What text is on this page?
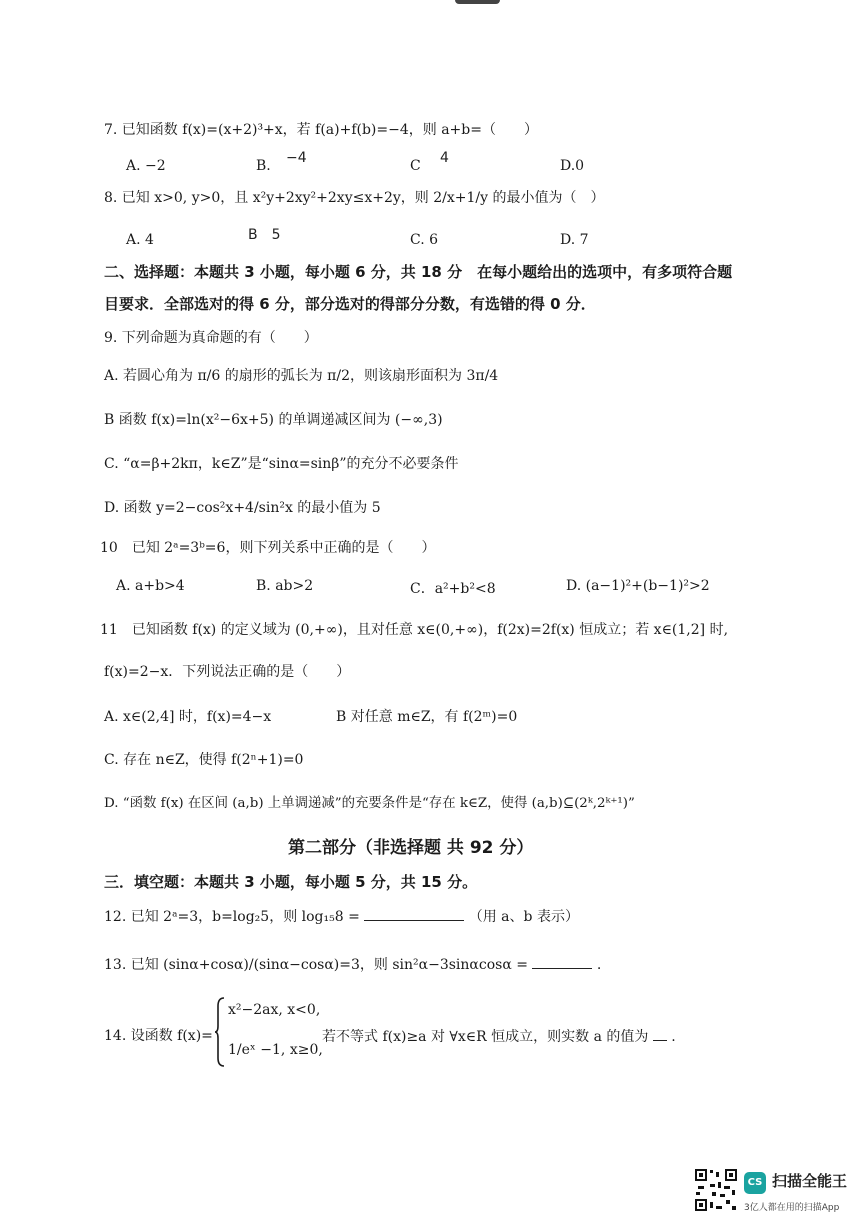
7. 已知函数 f(x)=(x+2)³+x，若 f(a)+f(b)=−4，则 a+b=（　　）
A. −2	B. −4	C 4	D.0
8. 已知 x>0, y>0，且 x²y+2xy²+2xy≤x+2y，则 2/x+1/y 的最小值为（　）
A. 4	B　5	C. 6	D. 7
二、选择题：本题共 3 小题，每小题 6 分，共 18 分　在每小题给出的选项中，有多项符合题
目要求．全部选对的得 6 分，部分选对的得部分分数，有选错的得 0 分．
9. 下列命题为真命题的有（　　）
A. 若圆心角为 π/6 的扇形的弧长为 π/2，则该扇形面积为 3π/4
B 函数 f(x)=ln(x²−6x+5) 的单调递减区间为 (−∞,3)
C. “α=β+2kπ，k∈Z”是“sinα=sinβ”的充分不必要条件
D. 函数 y=2−cos²x+4/sin²x 的最小值为 5
10　已知 2ᵃ=3ᵇ=6，则下列关系中正确的是（　　）
A. a+b>4	B. ab>2	C．a²+b²<8	D. (a−1)²+(b−1)²>2
11　已知函数 f(x) 的定义域为 (0,+∞)，且对任意 x∈(0,+∞)，f(2x)=2f(x) 恒成立；若 x∈(1,2] 时,
f(x)=2−x．下列说法正确的是（　　）
A. x∈(2,4] 时，f(x)=4−x	B 对任意 m∈Z，有 f(2ᵐ)=0
C. 存在 n∈Z，使得 f(2ⁿ+1)=0
D. “函数 f(x) 在区间 (a,b) 上单调递减”的充要条件是“存在 k∈Z，使得 (a,b)⊆(2ᵏ,2ᵏ⁺¹)”
第二部分（非选择题 共 92 分）
三．填空题：本题共 3 小题，每小题 5 分，共 15 分。
12. 已知 2ᵃ=3，b=log₂5，则 log₁₅8 =	（用 a、b 表示）
13. 已知 (sinα+cosα)/(sinα−cosα)=3，则 sin²α−3sinαcosα =	.
14. 设函数 f(x)=
x²−2ax, x<0,
1/eˣ −1, x≥0,
若不等式 f(x)≥a 对 ∀x∈R 恒成立，则实数 a 的值为 .
CS 扫描全能王
3亿人都在用的扫描App
